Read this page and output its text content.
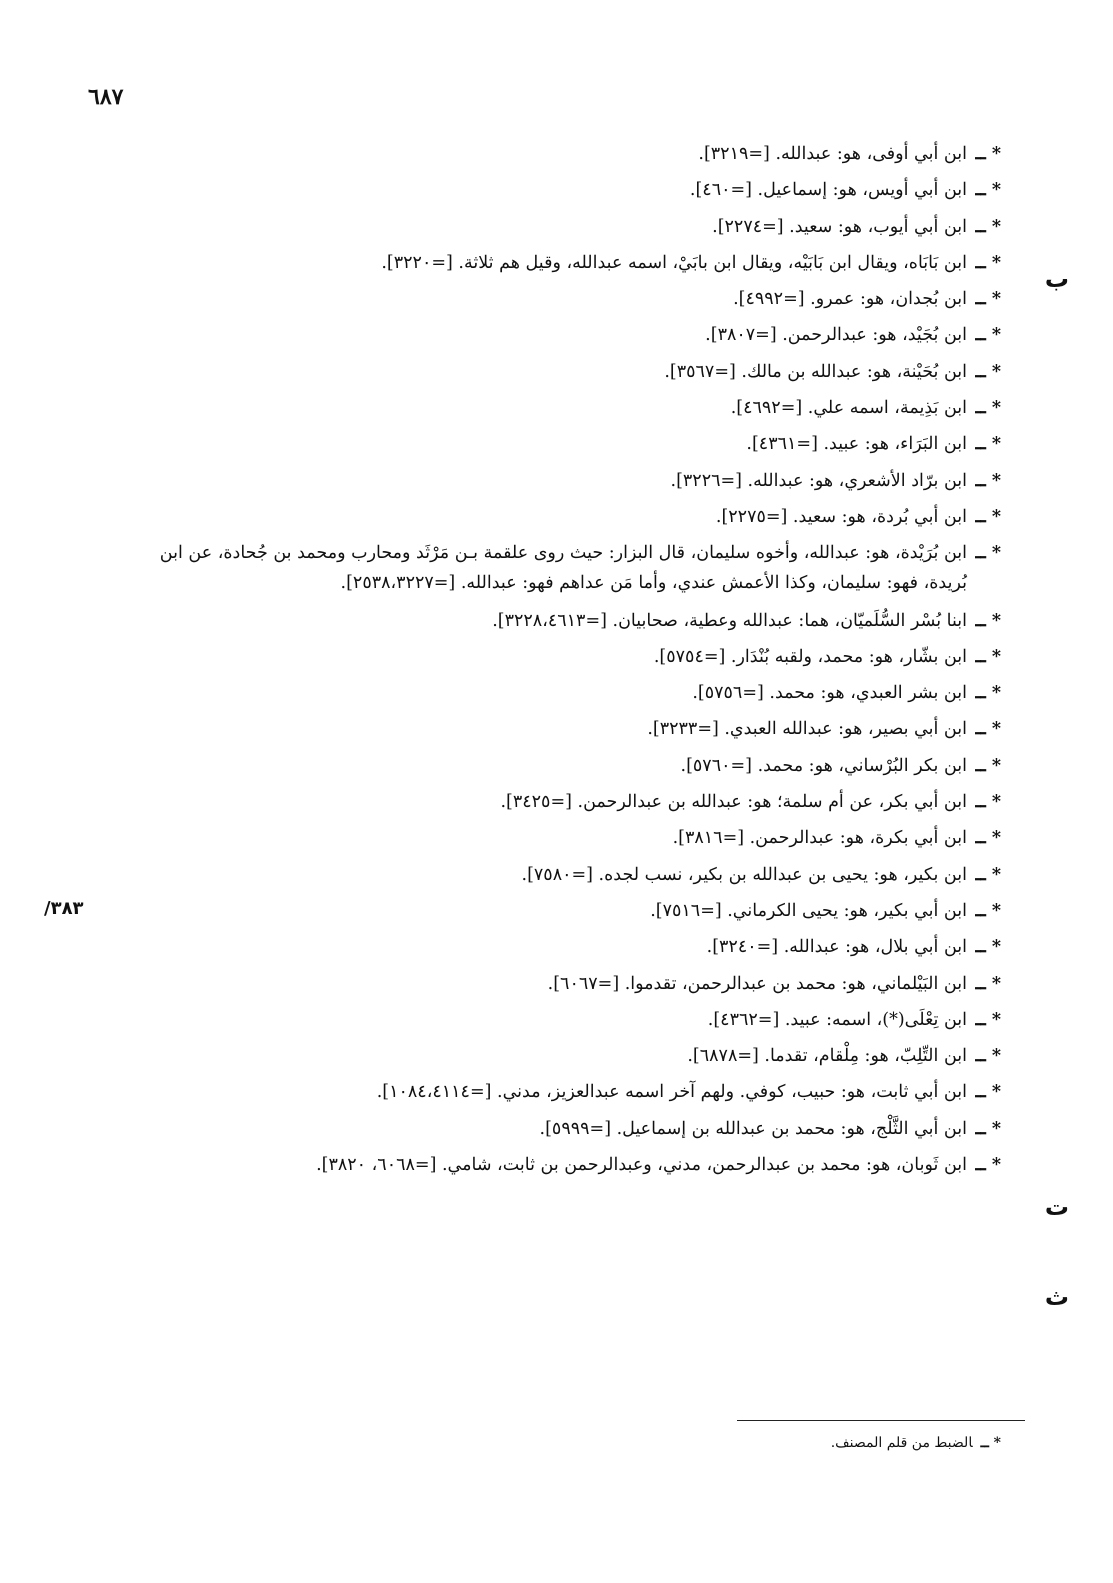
٦٨٧
/٣٨٣
ب
ت
ث
* ــ
ابن أبي أوفى، هو: عبدالله. [=٣٢١٩].
* ــ
ابن أبي أويس، هو: إسماعيل. [=٤٦٠].
* ــ
ابن أبي أيوب، هو: سعيد. [=٢٢٧٤].
* ــ
ابن بَابَاه، ويقال ابن بَابَيْه، ويقال ابن بابَيْ، اسمه عبدالله، وقيل هم ثلاثة. [=٣٢٢٠].
* ــ
ابن بُجدان، هو: عمرو. [=٤٩٩٢].
* ــ
ابن بُجَيْد، هو: عبدالرحمن. [=٣٨٠٧].
* ــ
ابن بُحَيْنة، هو: عبدالله بن مالك. [=٣٥٦٧].
* ــ
ابن بَذِيمة، اسمه علي. [=٤٦٩٢].
* ــ
ابن البَرَاء، هو: عبيد. [=٤٣٦١].
* ــ
ابن برّاد الأشعري، هو: عبدالله. [=٣٢٢٦].
* ــ
ابن أبي بُردة، هو: سعيد. [=٢٢٧٥].
* ــ
ابن بُرَيْدة، هو: عبدالله، وأخوه سليمان، قال البزار: حيث روى علقمة بـن مَرْثَد ومحارب ومحمد بن جُحادة، عن ابن بُريدة، فهو: سليمان، وكذا الأعمش عندي، وأما مَن عداهم فهو: عبدالله. [=٢٥٣٨،٣٢٢٧].
* ــ
ابنا بُسْر السُّلَميّان، هما: عبدالله وعطية، صحابيان. [=٣٢٢٨،٤٦١٣].
* ــ
ابن بشّار، هو: محمد، ولقبه بُنْدَار. [=٥٧٥٤].
* ــ
ابن بشر العبدي، هو: محمد. [=٥٧٥٦].
* ــ
ابن أبي بصير، هو: عبدالله العبدي. [=٣٢٣٣].
* ــ
ابن بكر البُرْساني، هو: محمد. [=٥٧٦٠].
* ــ
ابن أبي بكر، عن أم سلمة؛ هو: عبدالله بن عبدالرحمن. [=٣٤٢٥].
* ــ
ابن أبي بكرة، هو: عبدالرحمن. [=٣٨١٦].
* ــ
ابن بكير، هو: يحيى بن عبدالله بن بكير، نسب لجده. [=٧٥٨٠].
* ــ
ابن أبي بكير، هو: يحيى الكرماني. [=٧٥١٦].
* ــ
ابن أبي بلال، هو: عبدالله. [=٣٢٤٠].
* ــ
ابن البَيْلماني، هو: محمد بن عبدالرحمن، تقدموا. [=٦٠٦٧].
* ــ
ابن تِعْلَى(*)، اسمه: عبيد. [=٤٣٦٢].
* ــ
ابن التِّلِبّ، هو: مِلْقام، تقدما. [=٦٨٧٨].
* ــ
ابن أبي ثابت، هو: حبيب، كوفي. ولهم آخر اسمه عبدالعزيز، مدني. [=١٠٨٤،٤١١٤].
* ــ
ابن أبي الثَّلْج، هو: محمد بن عبدالله بن إسماعيل. [=٥٩٩٩].
* ــ
ابن ثَوبان، هو: محمد بن عبدالرحمن، مدني، وعبدالرحمن بن ثابت، شامي. [=٦٠٦٨، ٣٨٢٠].
* ــالضبط من قلم المصنف.
